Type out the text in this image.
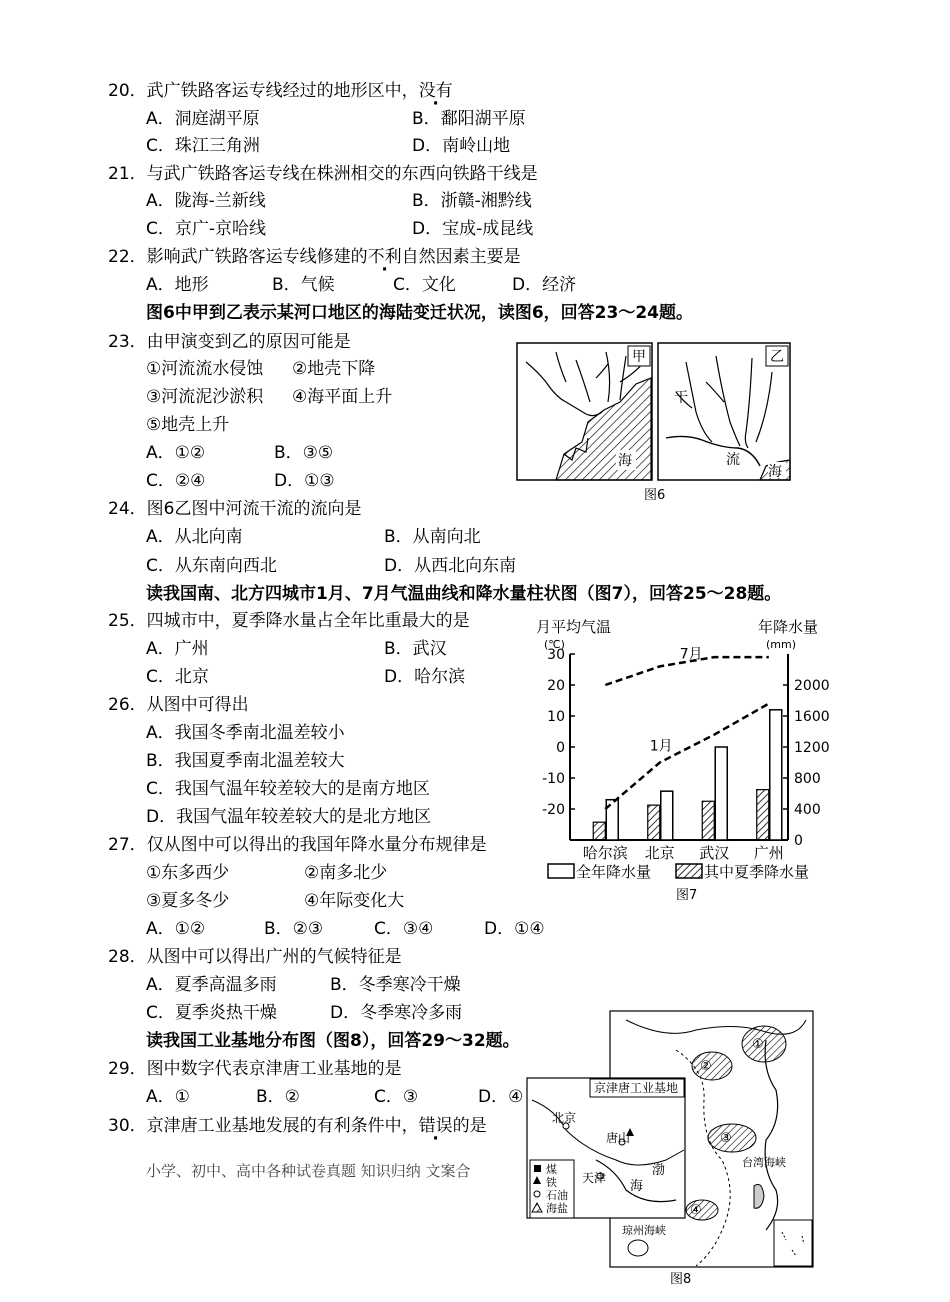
20．武广铁路客运专线经过的地形区中，没有
A．洞庭湖平原	B．鄱阳湖平原
C．珠江三角洲	D．南岭山地
21．与武广铁路客运专线在株洲相交的东西向铁路干线是
A．陇海-兰新线	B．浙赣-湘黔线
C．京广-京哈线	D．宝成-成昆线
22．影响武广铁路客运专线修建的不利自然因素主要是
A．地形	B．气候	C．文化	D．经济
图6中甲到乙表示某河口地区的海陆变迁状况，读图6，回答23～24题。
23．由甲演变到乙的原因可能是
①河流流水侵蚀 ②地壳下降
③河流泥沙淤积 ④海平面上升
⑤地壳上升
A．①②	B．③⑤
C．②④	D．①③
甲
海
乙
干
流
海
图6
24．图6乙图中河流干流的流向是
A．从北向南	B．从南向北
C．从东南向西北	D．从西北向东南
读我国南、北方四城市1月、7月气温曲线和降水量柱状图（图7），回答25～28题。
25．四城市中，夏季降水量占全年比重最大的是
A．广州	B．武汉
C．北京	D．哈尔滨
26．从图中可得出
A．我国冬季南北温差较小
B．我国夏季南北温差较大
C．我国气温年较差较大的是南方地区
D．我国气温年较差较大的是北方地区
月平均气温
(℃)
年降水量
(mm)
30
20
10
0
-10
-20
2000
1600
1200
800
400
0
7月
1月
哈尔滨 北京 武汉 广州
全年降水量	其中夏季降水量
图7
27．仅从图中可以得出的我国年降水量分布规律是
①东多西少	②南多北少
③夏多冬少	④年际变化大
A．①②	B．②③	C．③④	D．①④
28．从图中可以得出广州的气候特征是
A．夏季高温多雨	B．冬季寒冷干燥
C．夏季炎热干燥	D．冬季寒冷多雨
读我国工业基地分布图（图8），回答29～32题。
29．图中数字代表京津唐工业基地的是
A．①	B．②	C．③	D．④
30．京津唐工业基地发展的有利条件中，错误的是
小学、初中、高中各种试卷真题 知识归纳 文案合
①
②
③
④
台湾海峡
琼州海峡
京津唐工业基地
北京
唐山
天津	渤
海
煤
铁
石油
海盐
图8
